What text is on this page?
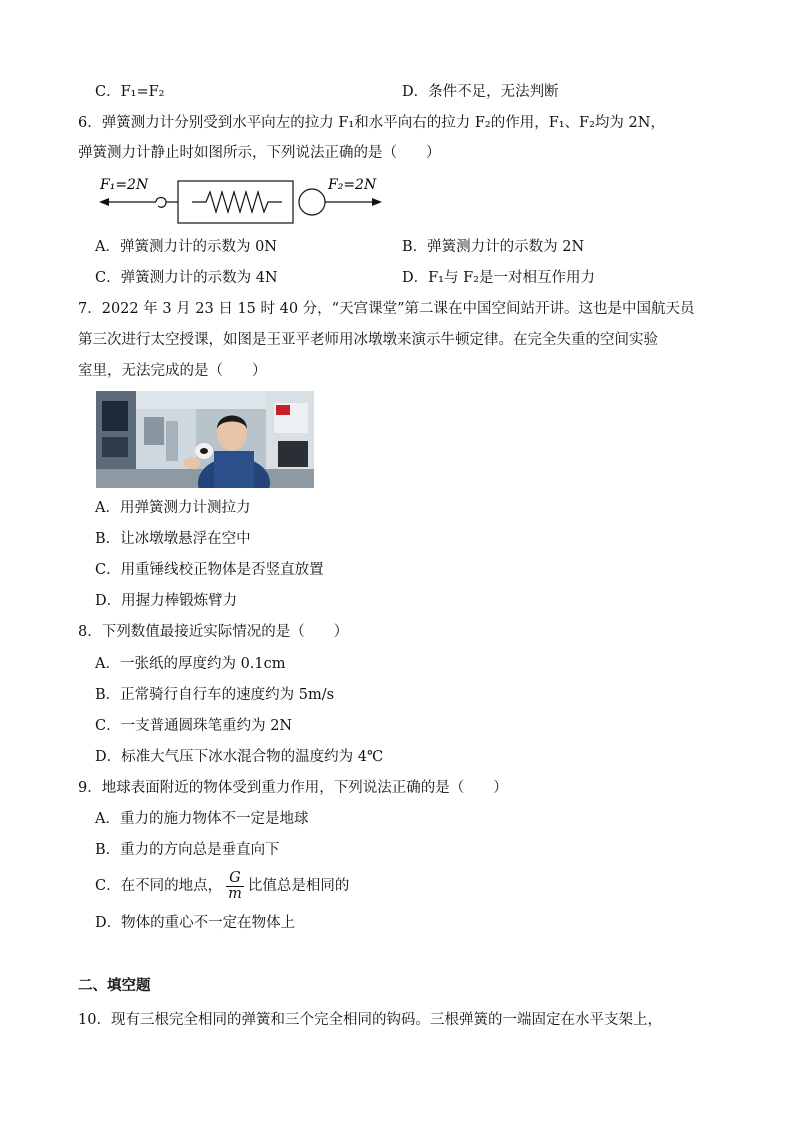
C．F₁=F₂	D．条件不足，无法判断
6．弹簧测力计分别受到水平向左的拉力 F₁和水平向右的拉力 F₂的作用，F₁、F₂均为 2N，
弹簧测力计静止时如图所示，下列说法正确的是（　　）
F₁=2N	F₂=2N
A．弹簧测力计的示数为 0N	B．弹簧测力计的示数为 2N
C．弹簧测力计的示数为 4N	D．F₁与 F₂是一对相互作用力
7．2022 年 3 月 23 日 15 时 40 分，“天宫课堂”第二课在中国空间站开讲。这也是中国航天员
第三次进行太空授课，如图是王亚平老师用冰墩墩来演示牛顿定律。在完全失重的空间实验
室里，无法完成的是（　　）
A．用弹簧测力计测拉力
B．让冰墩墩悬浮在空中
C．用重锤线校正物体是否竖直放置
D．用握力棒锻炼臂力
8．下列数值最接近实际情况的是（　　）
A．一张纸的厚度约为 0.1cm
B．正常骑行自行车的速度约为 5m/s
C．一支普通圆珠笔重约为 2N
D．标准大气压下冰水混合物的温度约为 4℃
9．地球表面附近的物体受到重力作用，下列说法正确的是（　　）
A．重力的施力物体不一定是地球
B．重力的方向总是垂直向下
C．在不同的地点， $\frac{G}{m}$ 比值总是相同的
D．物体的重心不一定在物体上
二、填空题
10．现有三根完全相同的弹簧和三个完全相同的钩码。三根弹簧的一端固定在水平支架上，
